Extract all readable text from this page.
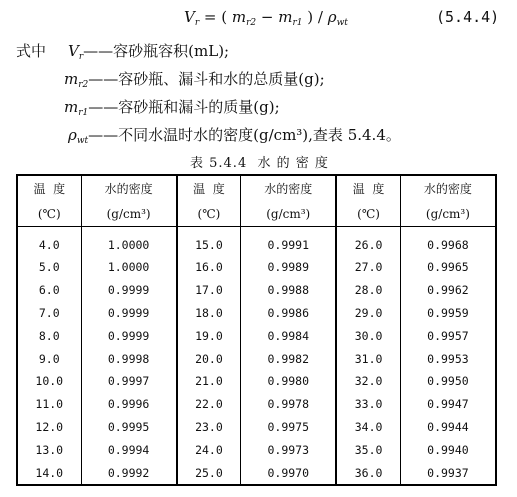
$V_r$ = ( $m_{r2} - m_{r1}$ ) / $\rho_{wt}$	(5.4.4)
式中 $V_r——$容砂瓶容积(mL);
$m_{r2}——$容砂瓶、漏斗和水的总质量(g);
$m_{r1}——$容砂瓶和漏斗的质量(g);
$\rho_{wt}——$不同水温时水的密度(g/cm³),查表 5.4.4。
表 5.4.4  水 的 密 度
温  度	水的密度	温  度	水的密度	温  度	水的密度
(℃)	(g/cm³)	(℃)	(g/cm³)	(℃)	(g/cm³)
4.0	1.0000	15.0	0.9991	26.0	0.9968
5.0	1.0000	16.0	0.9989	27.0	0.9965
6.0	0.9999	17.0	0.9988	28.0	0.9962
7.0	0.9999	18.0	0.9986	29.0	0.9959
8.0	0.9999	19.0	0.9984	30.0	0.9957
9.0	0.9998	20.0	0.9982	31.0	0.9953
10.0	0.9997	21.0	0.9980	32.0	0.9950
11.0	0.9996	22.0	0.9978	33.0	0.9947
12.0	0.9995	23.0	0.9975	34.0	0.9944
13.0	0.9994	24.0	0.9973	35.0	0.9940
14.0	0.9992	25.0	0.9970	36.0	0.9937
